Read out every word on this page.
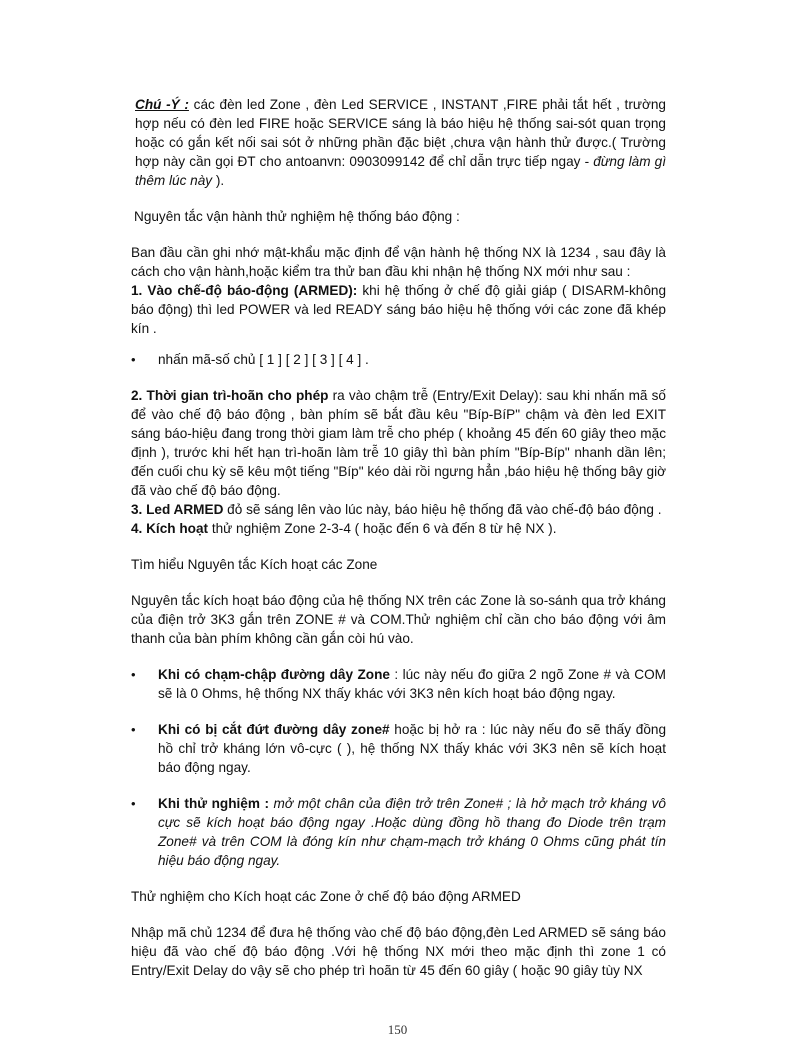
Chú -Ý : các đèn led Zone , đèn Led SERVICE , INSTANT ,FIRE phải tắt hết , trường hợp nếu có đèn led FIRE hoặc SERVICE sáng là báo hiệu hệ thống sai-sót quan trọng hoặc có gắn kết nối sai sót ở những phần đặc biệt ,chưa vận hành thử được.( Trường hợp này cần gọi ĐT cho antoanvn: 0903099142 để chỉ dẫn trực tiếp ngay - đừng làm gì thêm lúc này ).

Nguyên tắc vận hành thử nghiệm hệ thống báo động :

Ban đầu cần ghi nhớ mật-khẩu mặc định để vận hành hệ thống NX là 1234 , sau đây là cách cho vận hành,hoặc kiểm tra thử ban đầu khi nhận hệ thống NX mới như sau :

1. Vào chế-độ báo-động (ARMED): khi hệ thống ở chế độ giải giáp ( DISARM-không báo động) thì led POWER và led READY sáng báo hiệu hệ thống với các zone đã khép kín .

• nhấn mã-số chủ [ 1 ] [ 2 ] [ 3 ] [ 4 ] .

2. Thời gian trì-hoãn cho phép ra vào chậm trễ (Entry/Exit Delay): sau khi nhấn mã số để vào chế độ báo động , bàn phím sẽ bắt đầu kêu "Bíp-BíP" chậm và đèn led EXIT sáng báo-hiệu đang trong thời giam làm trễ cho phép ( khoảng 45 đến 60 giây theo mặc định ), trước khi hết hạn trì-hoãn làm trễ 10 giây thì bàn phím "Bíp-Bíp" nhanh dần lên; đến cuối chu kỳ sẽ kêu một tiếng "Bíp" kéo dài rồi ngưng hẳn ,báo hiệu hệ thống bây giờ đã vào chế độ báo động.

3. Led ARMED đỏ sẽ sáng lên vào lúc này, báo hiệu hệ thống đã vào chế-độ báo động .

4. Kích hoạt thử nghiệm Zone 2-3-4 ( hoặc đến 6 và đến 8 từ hệ NX ).

Tìm hiểu Nguyên tắc Kích hoạt các Zone

Nguyên tắc kích hoạt báo động của hệ thống NX trên các Zone là so-sánh qua trở kháng của điện trở 3K3 gắn trên ZONE # và COM.Thử nghiệm chỉ cần cho báo động với âm thanh của bàn phím không cần gắn còi hú vào.

• Khi có chạm-chập đường dây Zone : lúc này nếu đo giữa 2 ngõ Zone # và COM sẽ là 0 Ohms, hệ thống NX thấy khác với 3K3 nên kích hoạt báo động ngay.

• Khi có bị cắt đứt đường dây zone# hoặc bị hở ra : lúc này nếu đo sẽ thấy đồng hồ chỉ trở kháng lớn vô-cực ( ), hệ thống NX thấy khác với 3K3 nên sẽ kích hoạt báo động ngay.

• Khi thử nghiệm : mở một chân của điện trở trên Zone# ; là hở mạch trở kháng vô cực sẽ kích hoạt báo động ngay .Hoặc dùng đồng hồ thang đo Diode trên trạm Zone# và trên COM là đóng kín như chạm-mạch trở kháng 0 Ohms cũng phát tín hiệu báo động ngay.

Thử nghiệm cho Kích hoạt các Zone ở chế độ báo động ARMED

Nhập mã chủ 1234 để đưa hệ thống vào chế độ báo động,đèn Led ARMED sẽ sáng báo hiệu đã vào chế độ báo động .Với hệ thống NX mới theo mặc định thì zone 1 có Entry/Exit Delay do vậy sẽ cho phép trì hoãn từ 45 đến 60 giây ( hoặc 90 giây tùy NX

150
